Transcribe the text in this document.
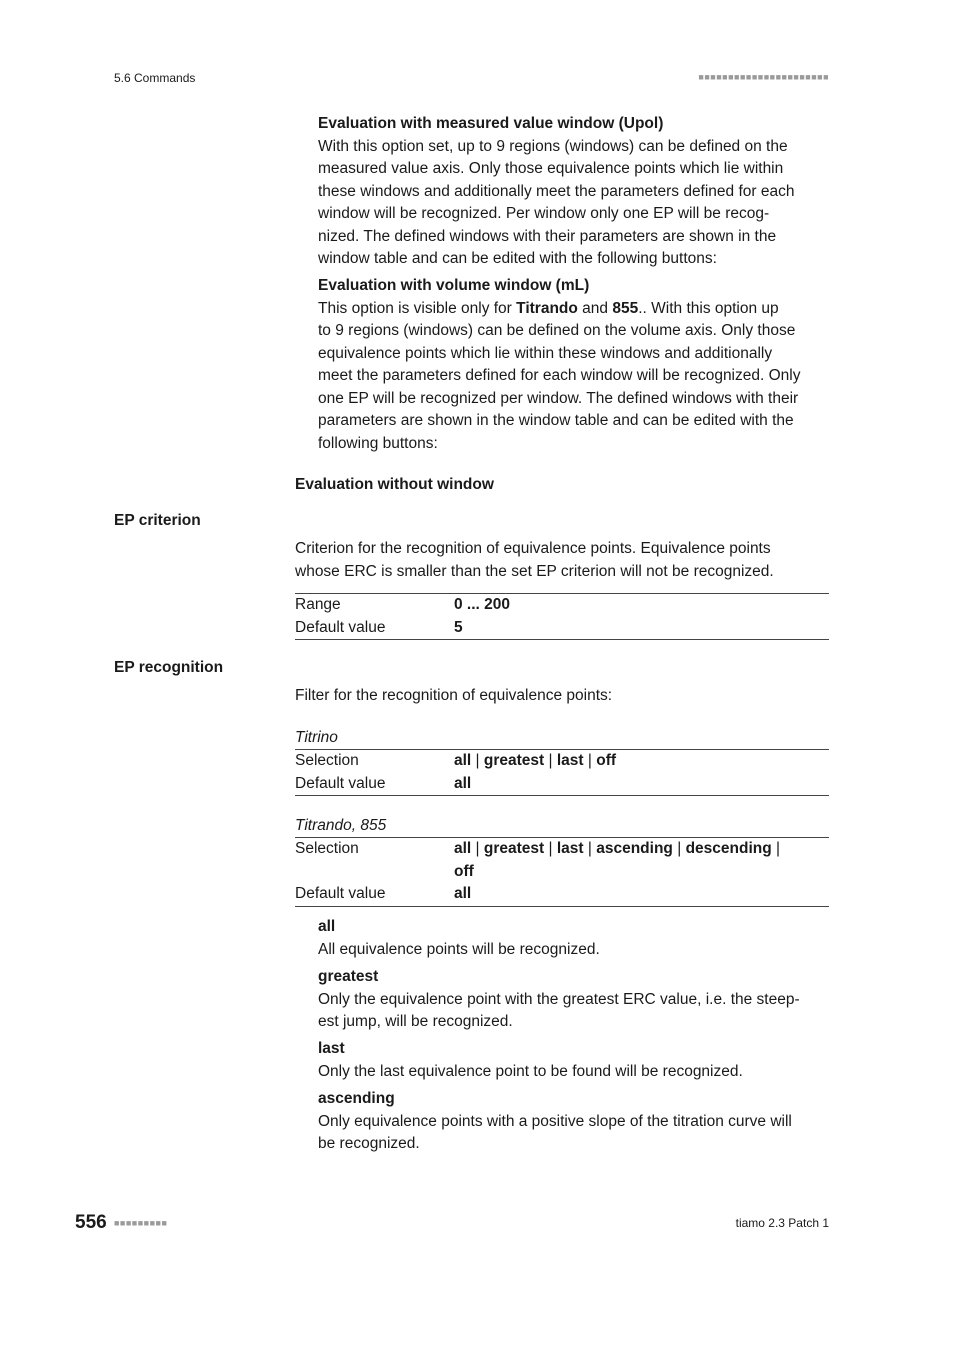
5.6 Commands	■■■■■■■■■■■■■■■■■■■■■■
Evaluation with measured value window (Upol)
With this option set, up to 9 regions (windows) can be defined on the
measured value axis. Only those equivalence points which lie within
these windows and additionally meet the parameters defined for each
window will be recognized. Per window only one EP will be recog-
nized. The defined windows with their parameters are shown in the
window table and can be edited with the following buttons:
Evaluation with volume window (mL)
This option is visible only for Titrando and 855.. With this option up
to 9 regions (windows) can be defined on the volume axis. Only those
equivalence points which lie within these windows and additionally
meet the parameters defined for each window will be recognized. Only
one EP will be recognized per window. The defined windows with their
parameters are shown in the window table and can be edited with the
following buttons:
Evaluation without window
EP criterion
Criterion for the recognition of equivalence points. Equivalence points
whose ERC is smaller than the set EP criterion will not be recognized.
Range	0 ... 200
Default value	5
EP recognition
Filter for the recognition of equivalence points:
Titrino
Selection	all | greatest | last | off
Default value	all
Titrando, 855
Selection	all | greatest | last | ascending | descending |
off

Default value	all
all
All equivalence points will be recognized.
greatest
Only the equivalence point with the greatest ERC value, i.e. the steep-
est jump, will be recognized.
last
Only the last equivalence point to be found will be recognized.
ascending
Only equivalence points with a positive slope of the titration curve will
be recognized.
556 ■■■■■■■■■	tiamo 2.3 Patch 1
